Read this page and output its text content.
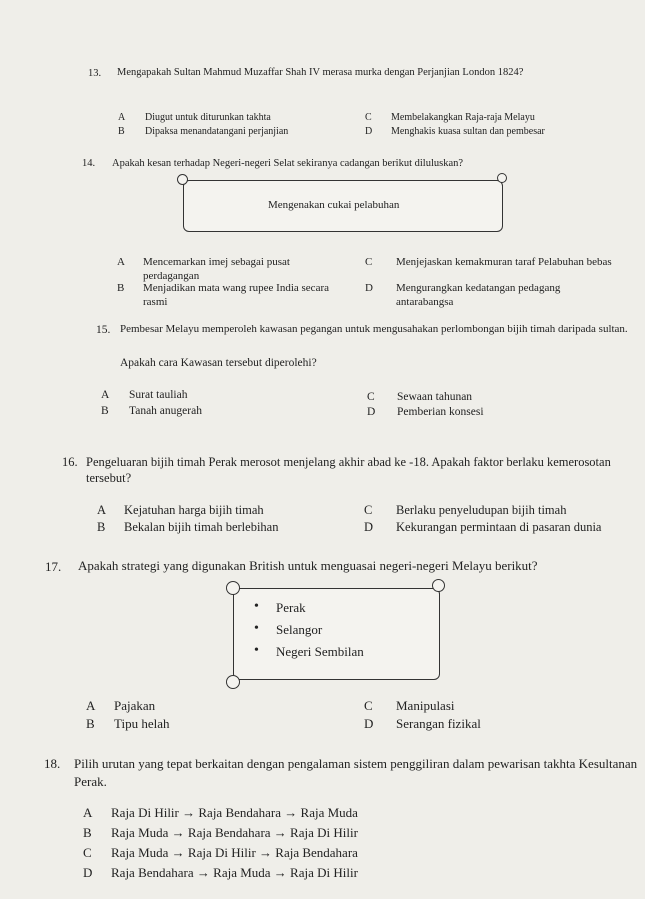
13. Mengapakah Sultan Mahmud Muzaffar Shah IV merasa murka dengan Perjanjian London 1824?
A Diugut untuk diturunkan takhta
B Dipaksa menandatangani perjanjian
C Membelakangkan Raja-raja Melayu
D Menghakis kuasa sultan dan pembesar
14. Apakah kesan terhadap Negeri-negeri Selat sekiranya cadangan berikut diluluskan?
Mengenakan cukai pelabuhan
A Mencemarkan imej sebagai pusat perdagangan
B Menjadikan mata wang rupee India secara rasmi
C Menjejaskan kemakmuran taraf Pelabuhan bebas
D Mengurangkan kedatangan pedagang antarabangsa
15. Pembesar Melayu memperoleh kawasan pegangan untuk mengusahakan perlombongan bijih timah daripada sultan.
Apakah cara Kawasan tersebut diperolehi?
A Surat tauliah
B Tanah anugerah
C Sewaan tahunan
D Pemberian konsesi
16. Pengeluaran bijih timah Perak merosot menjelang akhir abad ke -18. Apakah faktor berlaku kemerosotan tersebut?
A Kejatuhan harga bijih timah
B Bekalan bijih timah berlebihan
C Berlaku penyeludupan bijih timah
D Kekurangan permintaan di pasaran dunia
17. Apakah strategi yang digunakan British untuk menguasai negeri-negeri Melayu berikut?
• Perak
• Selangor
• Negeri Sembilan
A Pajakan
B Tipu helah
C Manipulasi
D Serangan fizikal
18. Pilih urutan yang tepat berkaitan dengan pengalaman sistem penggiliran dalam pewarisan takhta Kesultanan Perak.
A Raja Di Hilir → Raja Bendahara → Raja Muda
B Raja Muda → Raja Bendahara → Raja Di Hilir
C Raja Muda → Raja Di Hilir → Raja Bendahara
D Raja Bendahara → Raja Muda → Raja Di Hilir
